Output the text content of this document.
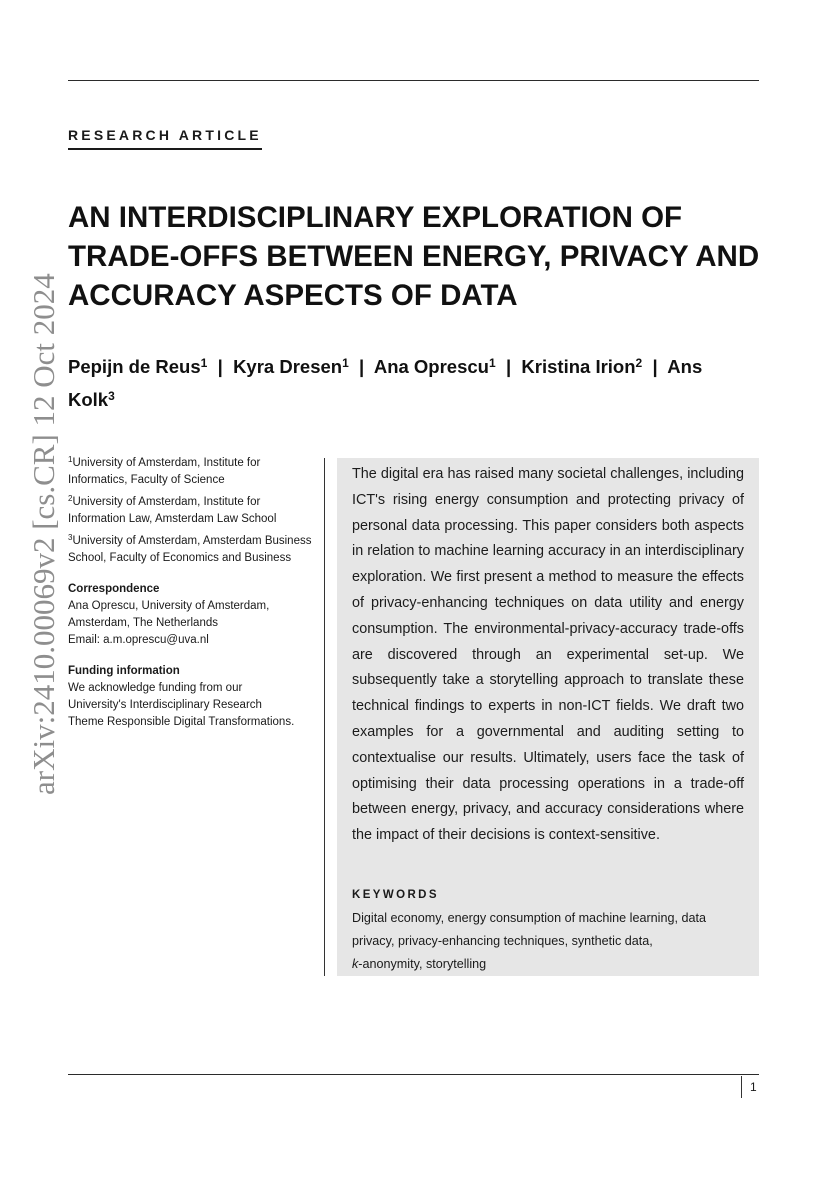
arXiv:2410.00069v2 [cs.CR] 12 Oct 2024
RESEARCH ARTICLE
AN INTERDISCIPLINARY EXPLORATION OF
TRADE-OFFS BETWEEN ENERGY, PRIVACY AND
ACCURACY ASPECTS OF DATA
Pepijn de Reus$^1$  |  Kyra Dresen$^1$  |  Ana Oprescu$^1$  |  Kristina Irion$^2$  |  Ans Kolk$^3$
$^1$University of Amsterdam, Institute for Informatics, Faculty of Science
$^2$University of Amsterdam, Institute for Information Law, Amsterdam Law School
$^3$University of Amsterdam, Amsterdam Business School, Faculty of Economics and Business
Correspondence
Ana Oprescu, University of Amsterdam,
Amsterdam, The Netherlands
Email: a.m.oprescu@uva.nl
Funding information
We acknowledge funding from our
University's Interdisciplinary Research
Theme Responsible Digital Transformations.
The digital era has raised many societal challenges, including ICT's rising energy consumption and protecting privacy of personal data processing. This paper considers both aspects in relation to machine learning accuracy in an interdisciplinary exploration. We first present a method to measure the effects of privacy-enhancing techniques on data utility and energy consumption. The environmental-privacy-accuracy trade-offs are discovered through an experimental set-up. We subsequently take a storytelling approach to translate these technical findings to experts in non-ICT fields. We draft two examples for a governmental and auditing setting to contextualise our results. Ultimately, users face the task of optimising their data processing operations in a trade-off between energy, privacy, and accuracy considerations where the impact of their decisions is context-sensitive.
KEYWORDS
Digital economy, energy consumption of machine learning, data
privacy, privacy-enhancing techniques, synthetic data,
k-anonymity, storytelling
1
